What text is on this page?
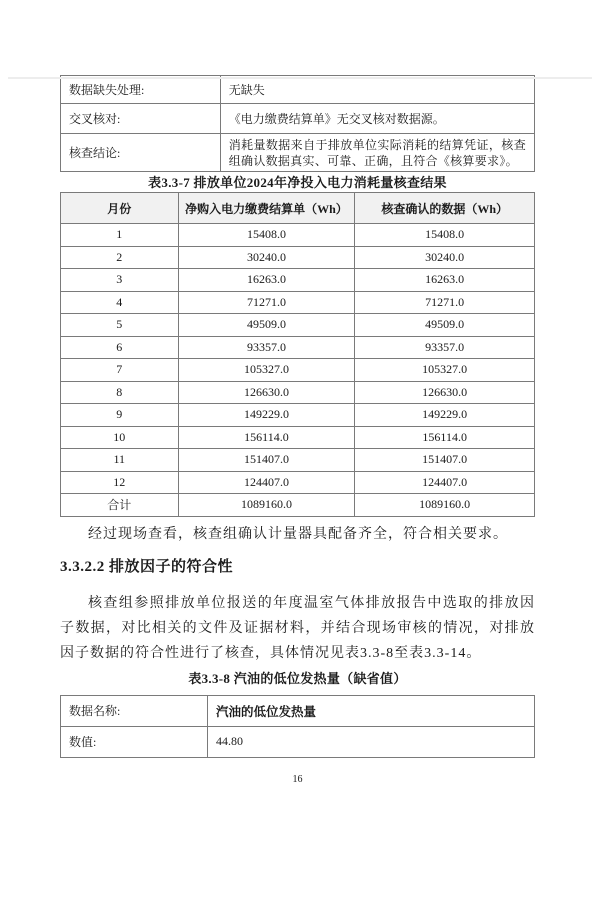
数据缺失处理:	无缺失
交叉核对:	《电力缴费结算单》无交叉核对数据源。
核查结论:	消耗量数据来自于排放单位实际消耗的结算凭证，核查组确认数据真实、可靠、正确，且符合《核算要求》。
表3.3-7 排放单位2024年净投入电力消耗量核查结果
月份	净购入电力缴费结算单（Wh）	核查确认的数据（Wh）
1	15408.0	15408.0
2	30240.0	30240.0
3	16263.0	16263.0
4	71271.0	71271.0
5	49509.0	49509.0
6	93357.0	93357.0
7	105327.0	105327.0
8	126630.0	126630.0
9	149229.0	149229.0
10	156114.0	156114.0
11	151407.0	151407.0
12	124407.0	124407.0
合计	1089160.0	1089160.0

经过现场查看，核查组确认计量器具配备齐全，符合相关要求。

3.3.2.2 排放因子的符合性

核查组参照排放单位报送的年度温室气体排放报告中选取的排放因子数据，对比相关的文件及证据材料，并结合现场审核的情况，对排放因子数据的符合性进行了核查，具体情况见表3.3-8至表3.3-14。

表3.3-8 汽油的低位发热量（缺省值）
数据名称:	汽油的低位发热量
数值:	44.80
16
